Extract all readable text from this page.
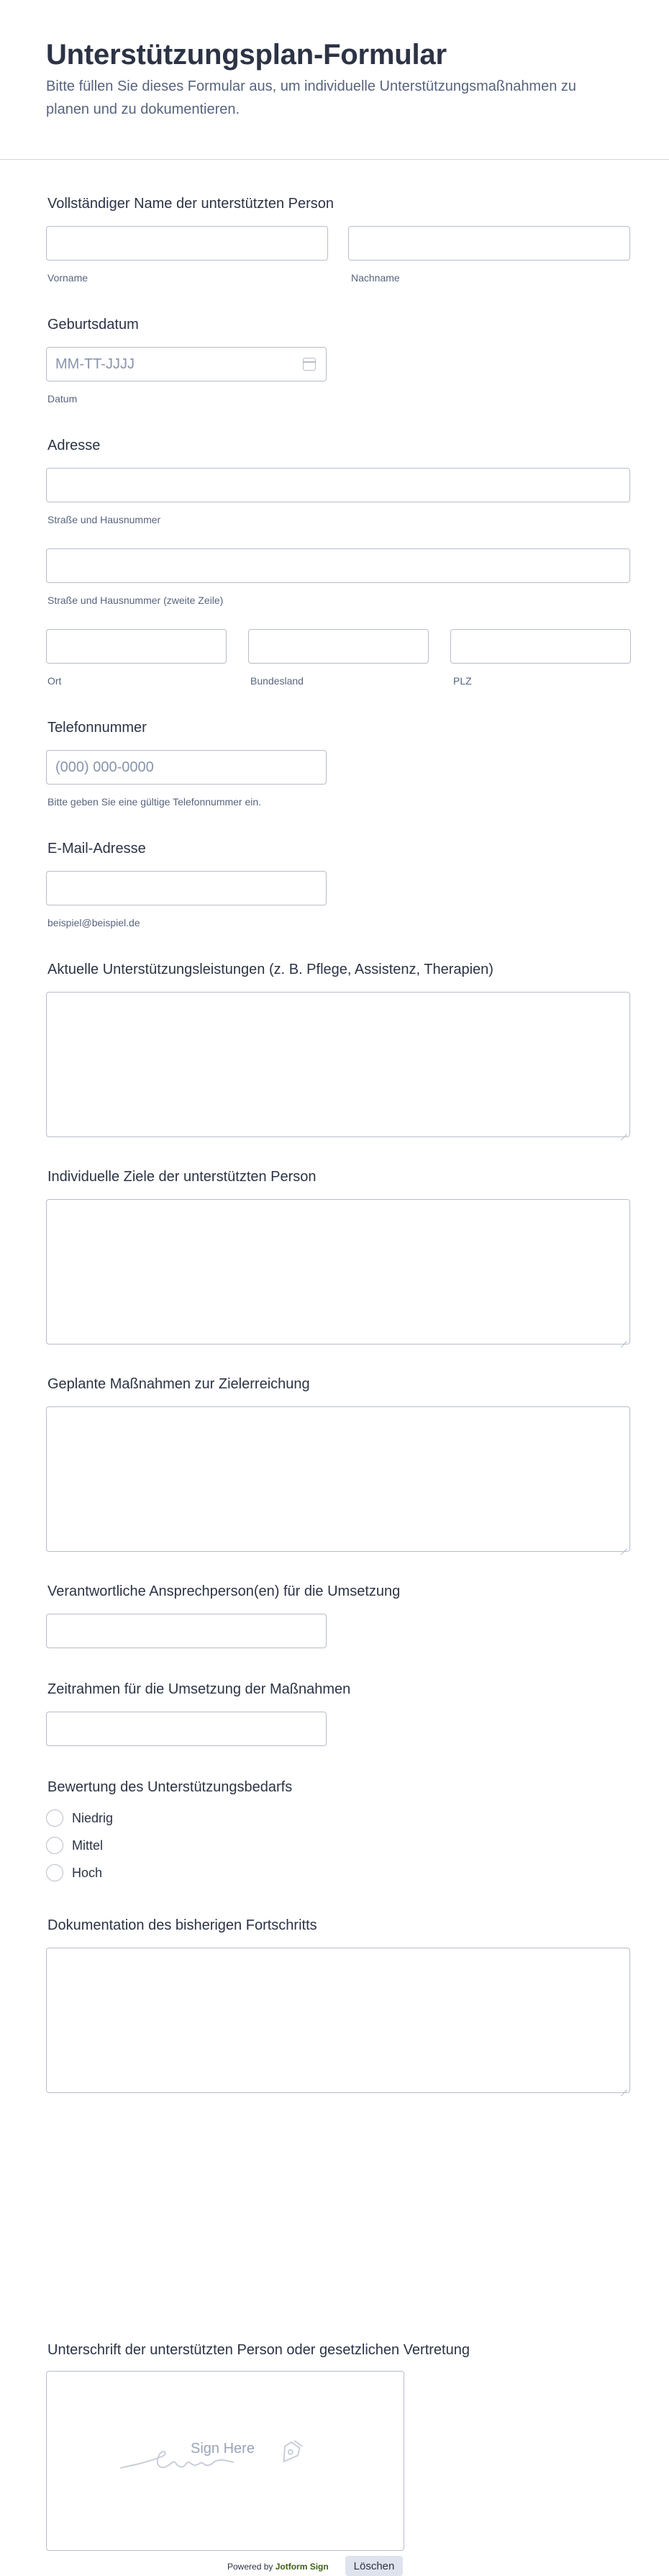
Unterstützungsplan-Formular

Bitte füllen Sie dieses Formular aus, um individuelle Unterstützungsmaßnahmen zu planen und zu dokumentieren.

Vollständiger Name der unterstützten Person
Vorname	Nachname
Geburtsdatum
MM-TT-JJJJ
Datum
Adresse
Straße und Hausnummer
Straße und Hausnummer (zweite Zeile)
Ort	Bundesland	PLZ
Telefonnummer
(000) 000-0000
Bitte geben Sie eine gültige Telefonnummer ein.
E-Mail-Adresse
beispiel@beispiel.de
Aktuelle Unterstützungsleistungen (z. B. Pflege, Assistenz, Therapien)
Individuelle Ziele der unterstützten Person
Geplante Maßnahmen zur Zielerreichung
Verantwortliche Ansprechperson(en) für die Umsetzung
Zeitrahmen für die Umsetzung der Maßnahmen
Bewertung des Unterstützungsbedarfs
Niedrig
Mittel
Hoch
Dokumentation des bisherigen Fortschritts
Unterschrift der unterstützten Person oder gesetzlichen Vertretung
Sign Here
Powered by Jotform Sign	Löschen
